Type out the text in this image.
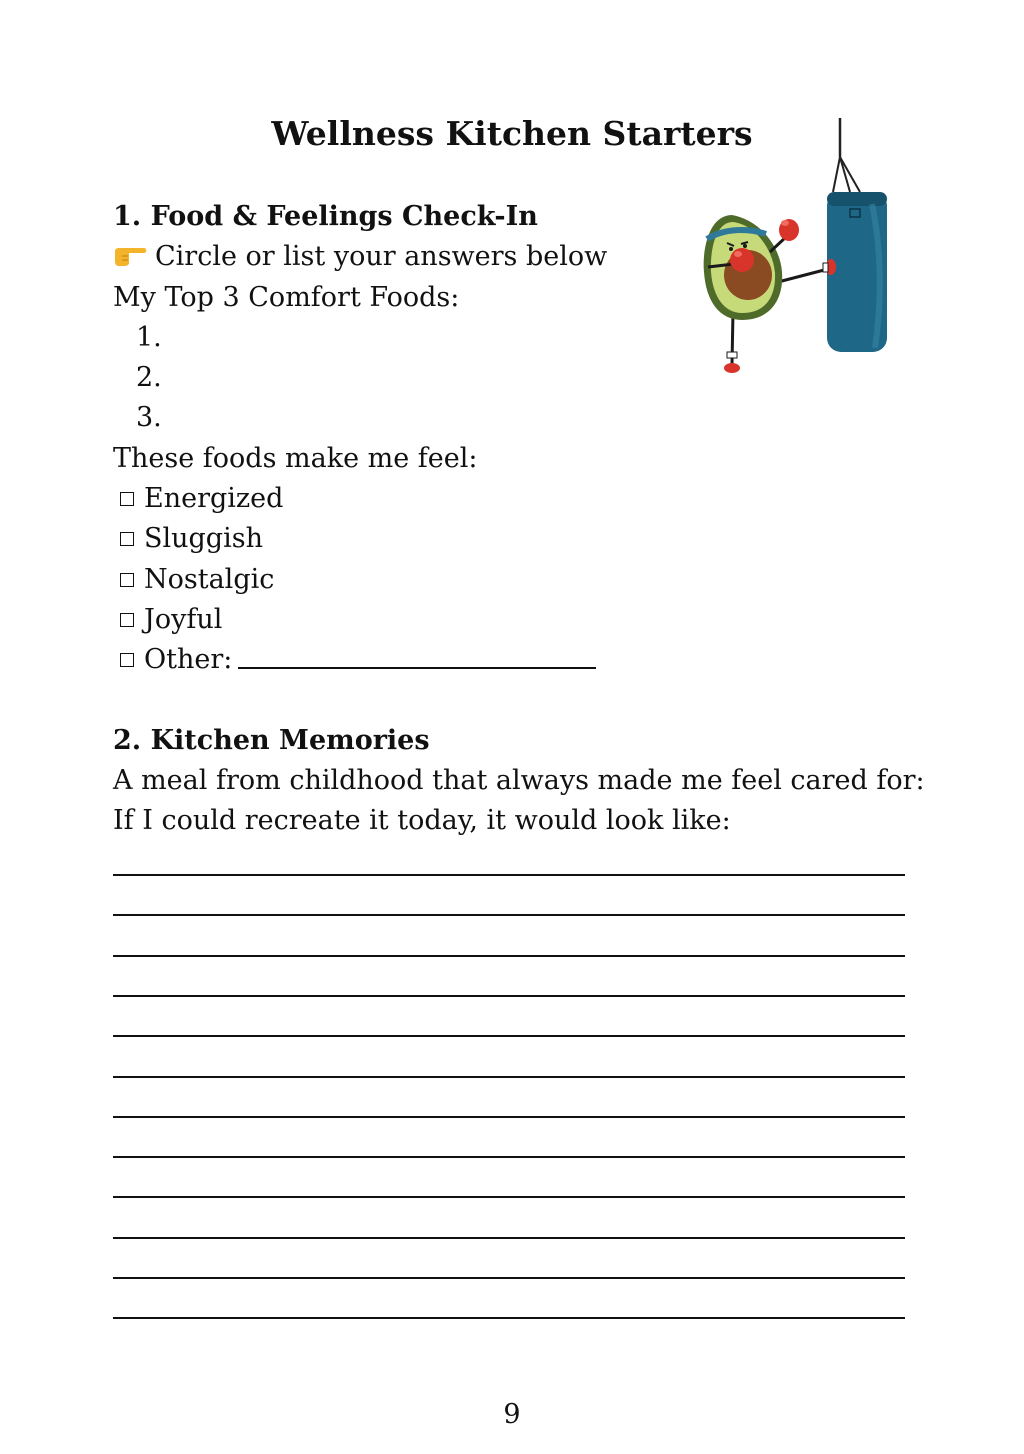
Wellness Kitchen Starters
1. Food & Feelings Check-In
Circle or list your answers below
My Top 3 Comfort Foods:
1.
2.
3.
These foods make me feel:
Energized
Sluggish
Nostalgic
Joyful
Other:
2. Kitchen Memories
A meal from childhood that always made me feel cared for:
If I could recreate it today, it would look like:
9
